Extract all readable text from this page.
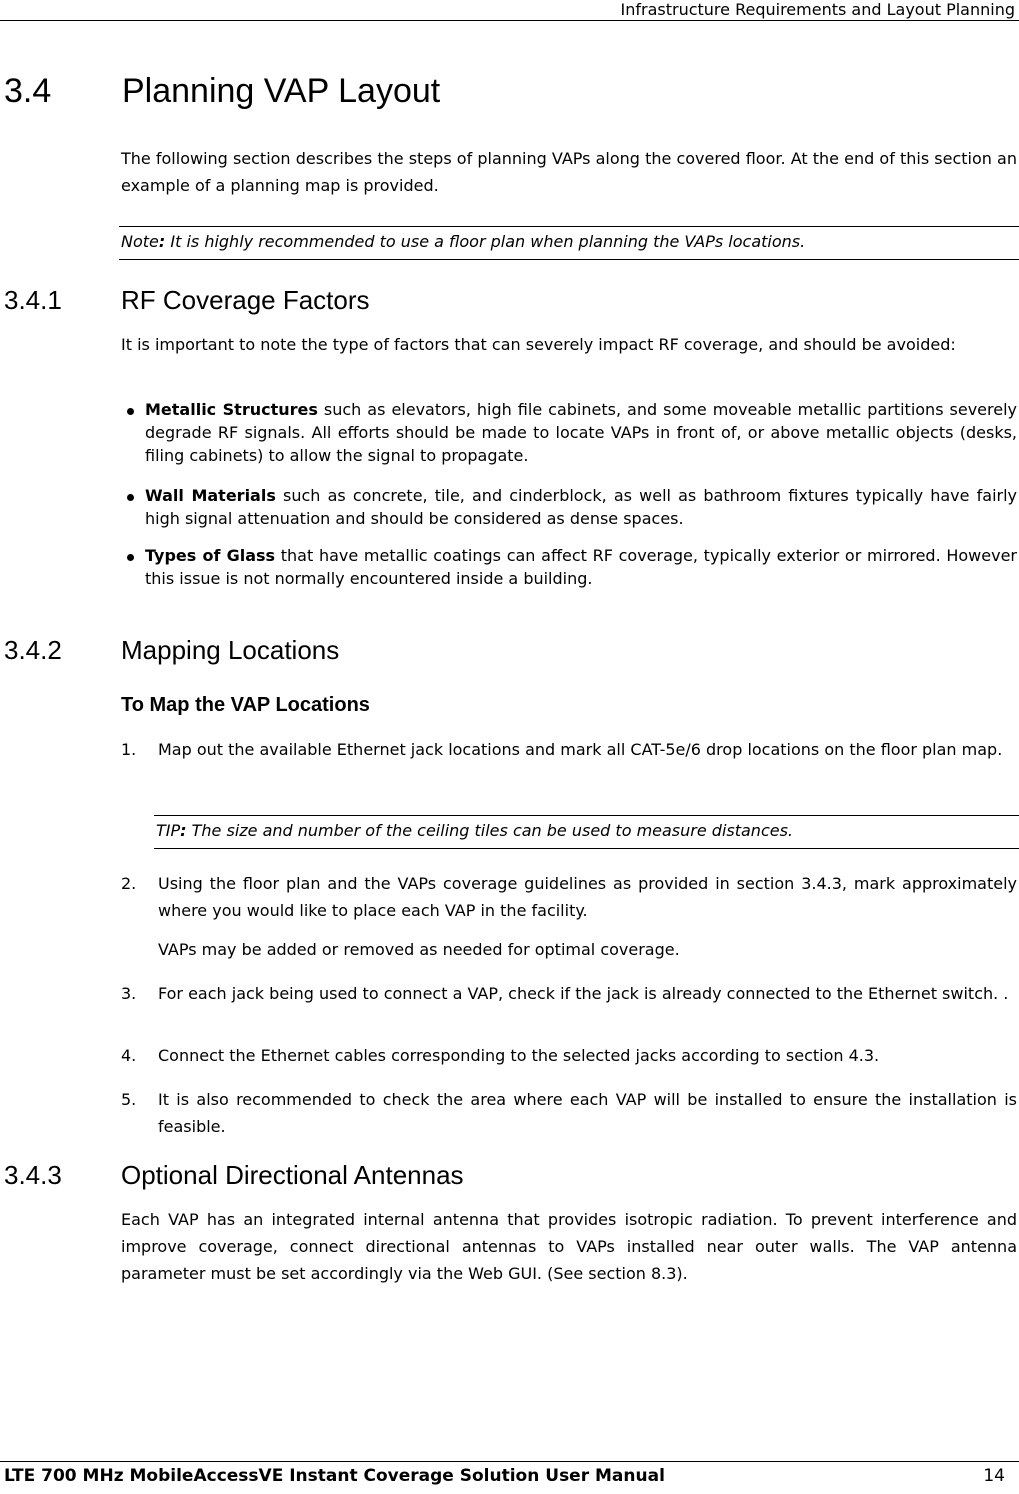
Infrastructure Requirements and Layout Planning
3.4 Planning VAP Layout
The following section describes the steps of planning VAPs along the covered floor. At the end of this section an example of a planning map is provided.
Note: It is highly recommended to use a floor plan when planning the VAPs locations.
3.4.1 RF Coverage Factors
It is important to note the type of factors that can severely impact RF coverage, and should be avoided:
Metallic Structures such as elevators, high file cabinets, and some moveable metallic partitions severely degrade RF signals. All efforts should be made to locate VAPs in front of, or above metallic objects (desks, filing cabinets) to allow the signal to propagate.
Wall Materials such as concrete, tile, and cinderblock, as well as bathroom fixtures typically have fairly high signal attenuation and should be considered as dense spaces.
Types of Glass that have metallic coatings can affect RF coverage, typically exterior or mirrored. However this issue is not normally encountered inside a building.
3.4.2 Mapping Locations
To Map the VAP Locations
1. Map out the available Ethernet jack locations and mark all CAT-5e/6 drop locations on the floor plan map.
TIP: The size and number of the ceiling tiles can be used to measure distances.
2. Using the floor plan and the VAPs coverage guidelines as provided in section 3.4.3, mark approximately where you would like to place each VAP in the facility.
VAPs may be added or removed as needed for optimal coverage.
3. For each jack being used to connect a VAP, check if the jack is already connected to the Ethernet switch. .
4. Connect the Ethernet cables corresponding to the selected jacks according to section 4.3.
5. It is also recommended to check the area where each VAP will be installed to ensure the installation is feasible.
3.4.3 Optional Directional Antennas
Each VAP has an integrated internal antenna that provides isotropic radiation. To prevent interference and improve coverage, connect directional antennas to VAPs installed near outer walls. The VAP antenna parameter must be set accordingly via the Web GUI. (See section 8.3).
LTE 700 MHz MobileAccessVE Instant Coverage Solution User Manual	14
